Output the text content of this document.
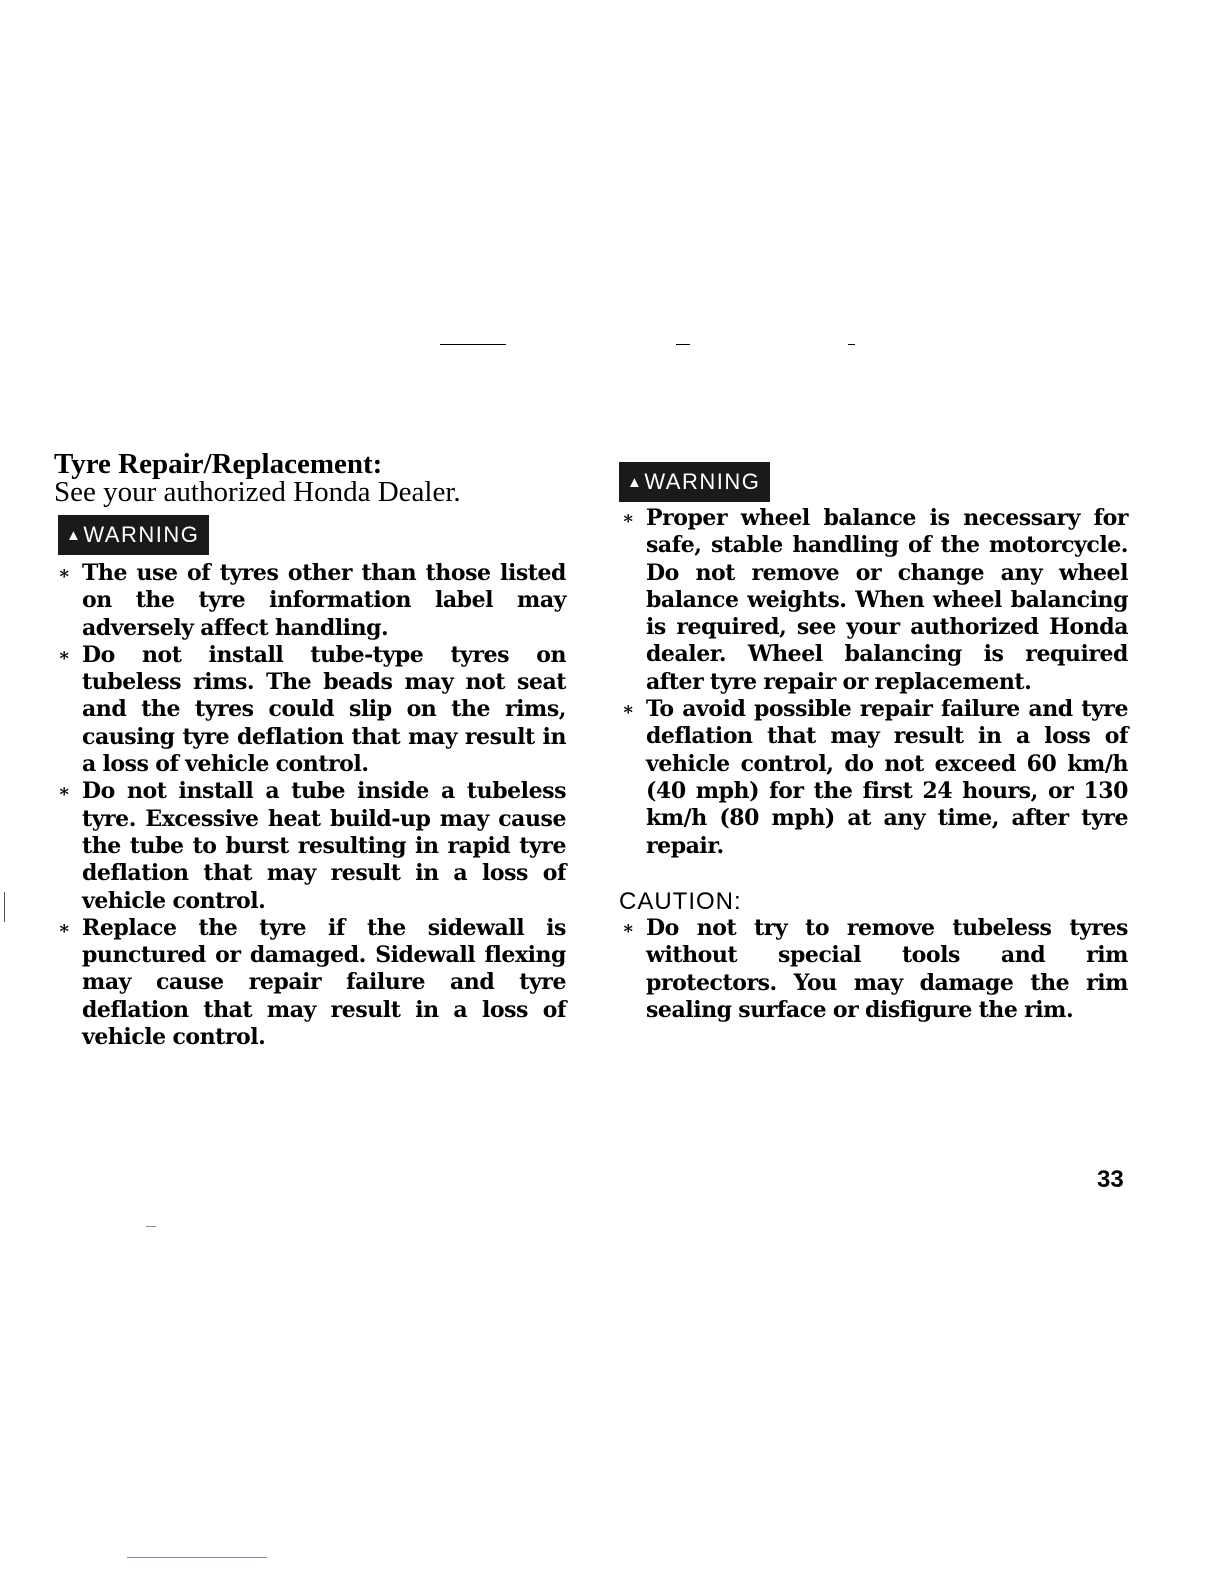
Tyre Repair/Replacement:
See your authorized Honda Dealer.
▲WARNING
∗ The use of tyres other than those listed on the tyre information label may adversely affect handling.
∗ Do not install tube-type tyres on tubeless rims. The beads may not seat and the tyres could slip on the rims, causing tyre deflation that may result in a loss of vehicle control.
∗ Do not install a tube inside a tubeless tyre. Excessive heat build-up may cause the tube to burst resulting in rapid tyre deflation that may result in a loss of vehicle control.
∗ Replace the tyre if the sidewall is punctured or damaged. Sidewall flexing may cause repair failure and tyre deflation that may result in a loss of vehicle control.
▲WARNING
∗ Proper wheel balance is necessary for safe, stable handling of the motorcycle. Do not remove or change any wheel balance weights. When wheel balancing is required, see your authorized Honda dealer. Wheel balancing is required after tyre repair or replacement.
∗ To avoid possible repair failure and tyre deflation that may result in a loss of vehicle control, do not exceed 60 km/h (40 mph) for the first 24 hours, or 130 km/h (80 mph) at any time, after tyre repair.
CAUTION:
∗ Do not try to remove tubeless tyres without special tools and rim protectors. You may damage the rim sealing surface or disfigure the rim.
33
